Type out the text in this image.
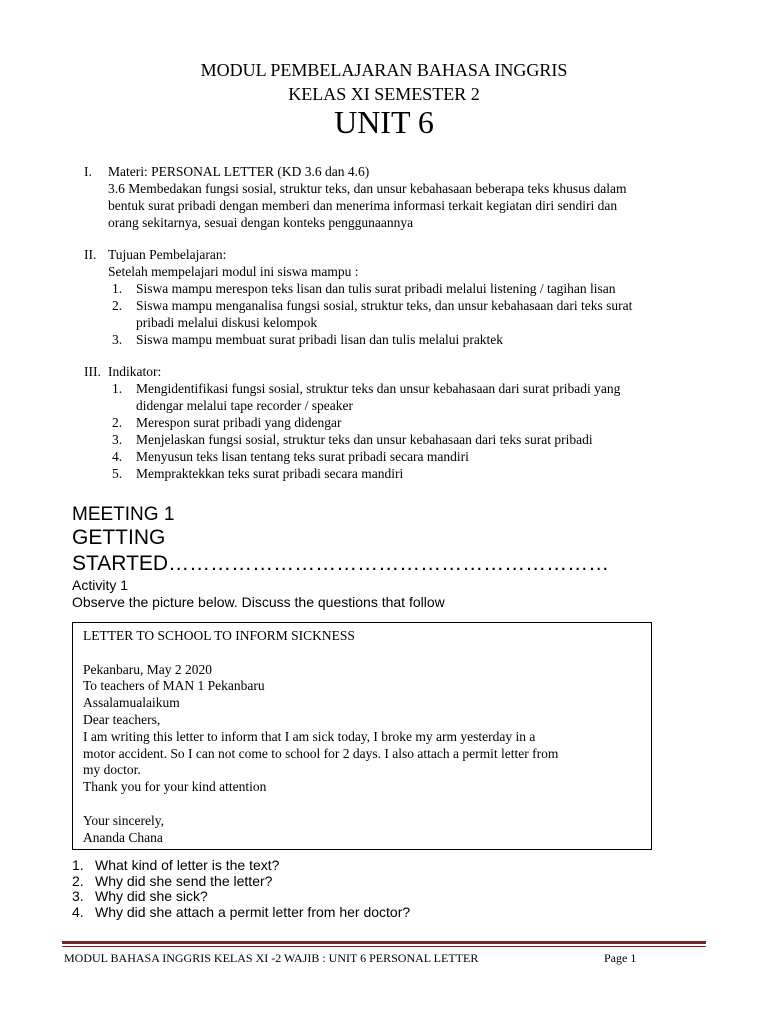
MODUL PEMBELAJARAN BAHASA INGGRIS
KELAS XI SEMESTER 2
UNIT 6
I.	Materi: PERSONAL LETTER (KD 3.6 dan 4.6)
3.6 Membedakan fungsi sosial, struktur teks, dan unsur kebahasaan beberapa teks khusus dalam
bentuk surat pribadi dengan memberi dan menerima informasi terkait kegiatan diri sendiri dan
orang sekitarnya, sesuai dengan konteks penggunaannya
II. Tujuan Pembelajaran:
Setelah mempelajari modul ini siswa mampu :
1. Siswa mampu merespon teks lisan dan tulis surat pribadi melalui listening / tagihan lisan
2. Siswa mampu menganalisa fungsi sosial, struktur teks, dan unsur kebahasaan dari teks surat
pribadi melalui diskusi kelompok
3. Siswa mampu membuat surat pribadi lisan dan tulis melalui praktek
III. Indikator:
1. Mengidentifikasi fungsi sosial, struktur teks dan unsur kebahasaan dari surat pribadi yang
didengar melalui tape recorder / speaker
2. Merespon surat pribadi yang didengar
3. Menjelaskan fungsi sosial, struktur teks dan unsur kebahasaan dari teks surat pribadi
4. Menyusun teks lisan tentang teks surat pribadi secara mandiri
5. Mempraktekkan teks surat pribadi secara mandiri
MEETING 1
GETTING
STARTED………………………………………………………
Activity 1
Observe the picture below. Discuss the questions that follow
LETTER TO SCHOOL TO INFORM SICKNESS
Pekanbaru, May 2 2020
To teachers of MAN 1 Pekanbaru
Assalamualaikum
Dear teachers,
I am writing this letter to inform that I am sick today, I broke my arm yesterday in a
motor accident. So I can not come to school for 2 days. I also attach a permit letter from
my doctor.
Thank you for your kind attention
Your sincerely,
Ananda Chana
1. What kind of letter is the text?
2. Why did she send the letter?
3. Why did she sick?
4. Why did she attach a permit letter from her doctor?
MODUL BAHASA INGGRIS KELAS XI -2 WAJIB : UNIT 6 PERSONAL LETTER	Page 1
